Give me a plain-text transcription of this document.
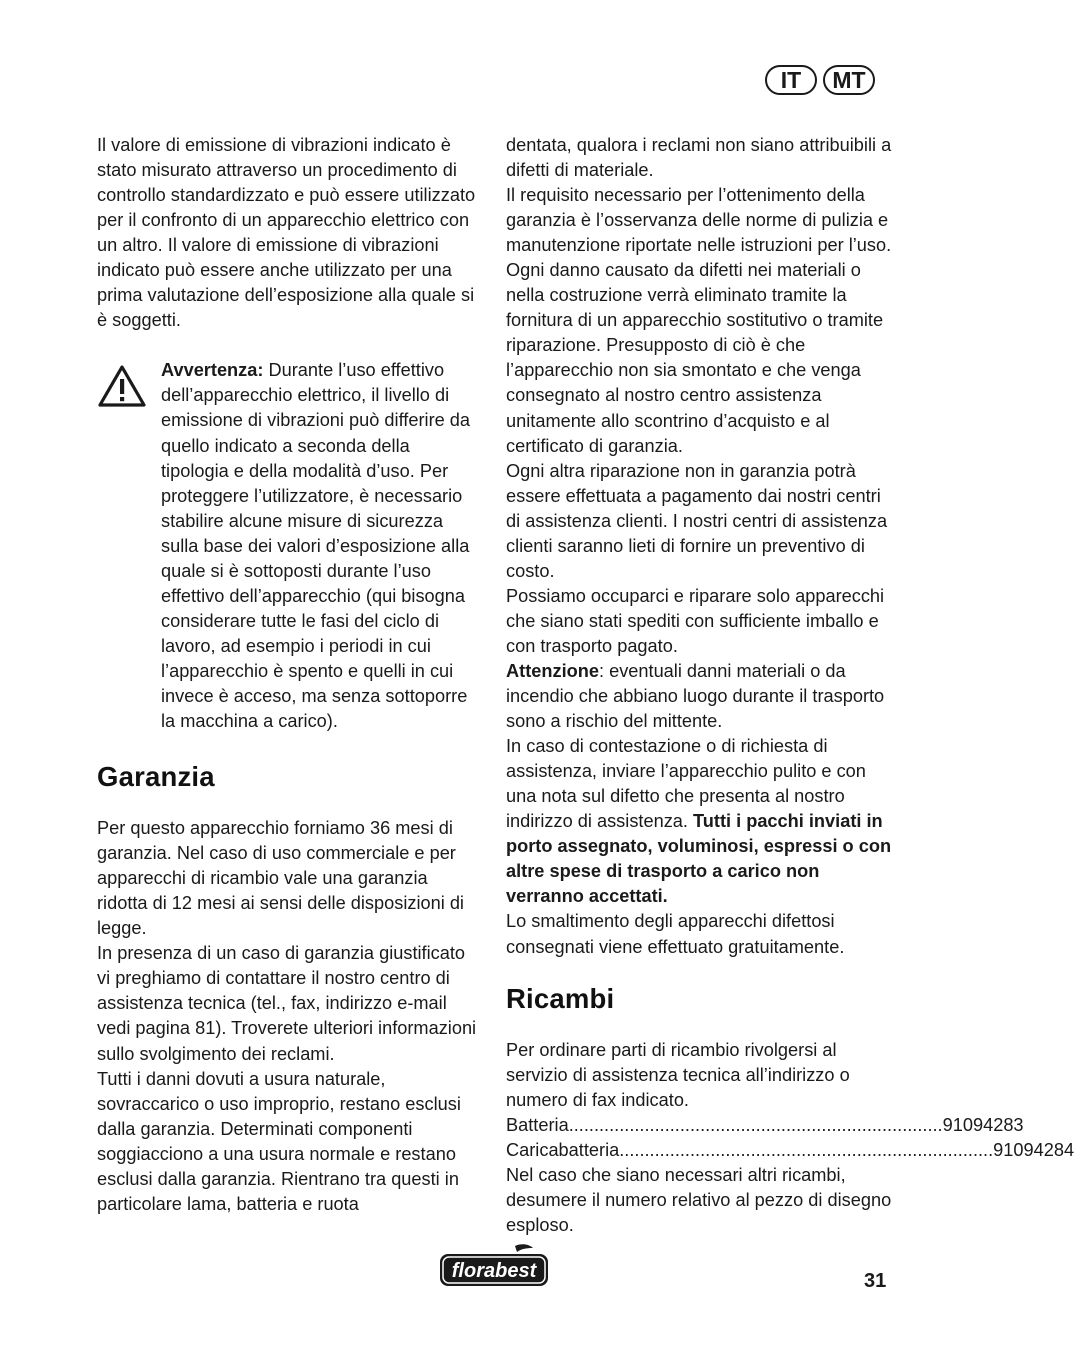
IT	MT

Il valore di emissione di vibrazioni indicato è stato misurato attraverso un procedimento di controllo standardizzato e può essere utilizzato per il confronto di un apparecchio elettrico con un altro. Il valore di emissione di vibrazioni indicato può essere anche utilizzato per una prima valutazione dell’esposizione alla quale si è soggetti.

Avvertenza: Durante l’uso effettivo dell’apparecchio elettrico, il livello di emissione di vibrazioni può differire da quello indicato a seconda della tipologia e della modalità d’uso. Per proteggere l’utilizzatore, è necessario stabilire alcune misure di sicurezza sulla base dei valori d’esposizione alla quale si è sottoposti durante l’uso effettivo dell’apparecchio (qui bisogna considerare tutte le fasi del ciclo di lavoro, ad esempio i periodi in cui l’apparecchio è spento e quelli in cui invece è acceso, ma senza sottoporre la macchina a carico).

Garanzia

Per questo apparecchio forniamo 36 mesi di garanzia. Nel caso di uso commerciale e per apparecchi di ricambio vale una garanzia ridotta di 12 mesi ai sensi delle disposizioni di legge.

In presenza di un caso di garanzia giustificato vi preghiamo di contattare il nostro centro di assistenza tecnica (tel., fax, indirizzo e-mail vedi pagina 81). Troverete ulteriori informazioni sullo svolgimento dei reclami.

Tutti i danni dovuti a usura naturale, sovraccarico o uso improprio, restano esclusi dalla garanzia. Determinati componenti soggiacciono a una usura normale e restano esclusi dalla garanzia. Rientrano tra questi in particolare lama, batteria e ruota

dentata, qualora i reclami non siano attribuibili a difetti di materiale.

Il requisito necessario per l’ottenimento della garanzia è l’osservanza delle norme di pulizia e manutenzione riportate nelle istruzioni per l’uso. Ogni danno causato da difetti nei materiali o nella costruzione verrà eliminato tramite la fornitura di un apparecchio sostitutivo o tramite riparazione. Presupposto di ciò è che l’apparecchio non sia smontato e che venga consegnato al nostro centro assistenza unitamente allo scontrino d’acquisto e al certificato di garanzia.

Ogni altra riparazione non in garanzia potrà essere effettuata a pagamento dai nostri centri di assistenza clienti. I nostri centri di assistenza clienti saranno lieti di fornire un preventivo di costo.

Possiamo occuparci e riparare solo apparecchi che siano stati spediti con sufficiente imballo e con trasporto pagato.

Attenzione: eventuali danni materiali o da incendio che abbiano luogo durante il trasporto sono a rischio del mittente.

In caso di contestazione o di richiesta di assistenza, inviare l’apparecchio pulito e con una nota sul difetto che presenta al nostro indirizzo di assistenza. Tutti i pacchi inviati in porto assegnato, voluminosi, espressi o con altre spese di trasporto a carico non verranno accettati.

Lo smaltimento degli apparecchi difettosi consegnati viene effettuato gratuitamente.

Ricambi

Per ordinare parti di ricambio rivolgersi al servizio di assistenza tecnica all’indirizzo o numero di fax indicato.

Batteria .......................................................................... 91094283
Caricabatteria .......................................................................... 91094284

Nel caso che siano necessari altri ricambi, desumere il numero relativo al pezzo di disegno esploso.

florabest	31
